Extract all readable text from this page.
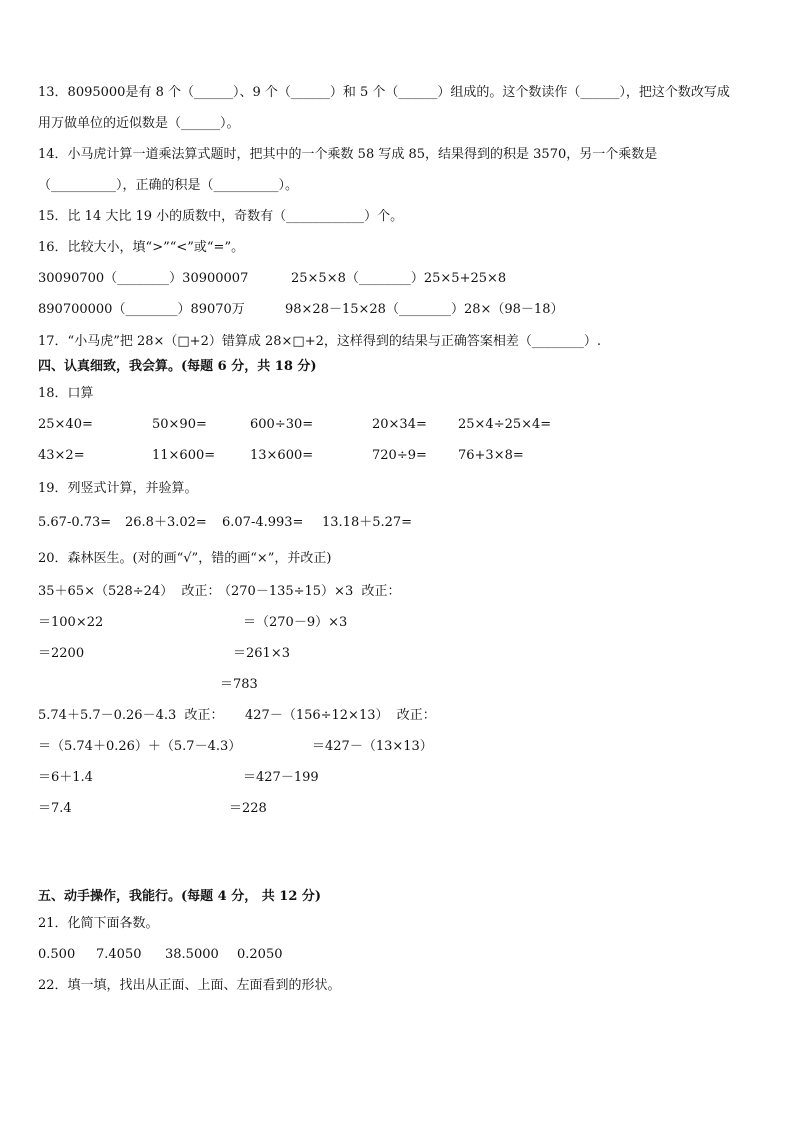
13．8095000是有 8 个（______）、9 个（______）和 5 个（______）组成的。这个数读作（______），把这个数改写成
用万做单位的近似数是（______）。
14．小马虎计算一道乘法算式题时，把其中的一个乘数 58 写成 85，结果得到的积是 3570，另一个乘数是
（__________），正确的积是（__________）。
15．比 14 大比 19 小的质数中，奇数有（____________）个。
16．比较大小，填“>”“<”或“=”。
30090700（________）30900007	25×5×8（________）25×5+25×8
890700000（________）89070万	98×28－15×28（________）28×（98－18）
17．“小马虎”把 28×（□+2）错算成 28×□+2，这样得到的结果与正确答案相差（________）.
四、认真细致，我会算。(每题 6 分，共 18 分)
18．口算
25×40=	50×90=	600÷30=	20×34= 25×4÷25×4=
43×2=	11×600=	13×600=	720÷9= 76+3×8=
19．列竖式计算，并验算。
5.67-0.73= 26.8＋3.02= 6.07-4.993= 13.18＋5.27=
20．森林医生。(对的画“√”，错的画“×”，并改正)
35＋65×（528÷24）  改正：
＝100×22
＝2200
（270－135÷15）×3  改正：
＝（270－9）×3
＝261×3
＝783
5.74＋5.7－0.26－4.3  改正：
＝（5.74＋0.26）＋（5.7－4.3）
＝6＋1.4
＝7.4
427－（156÷12×13）  改正：
＝427－（13×13）
＝427－199
＝228
五、动手操作，我能行。(每题 4 分， 共 12 分)
21．化简下面各数。
0.500 7.4050 38.5000 0.2050
22．填一填，找出从正面、上面、左面看到的形状。
